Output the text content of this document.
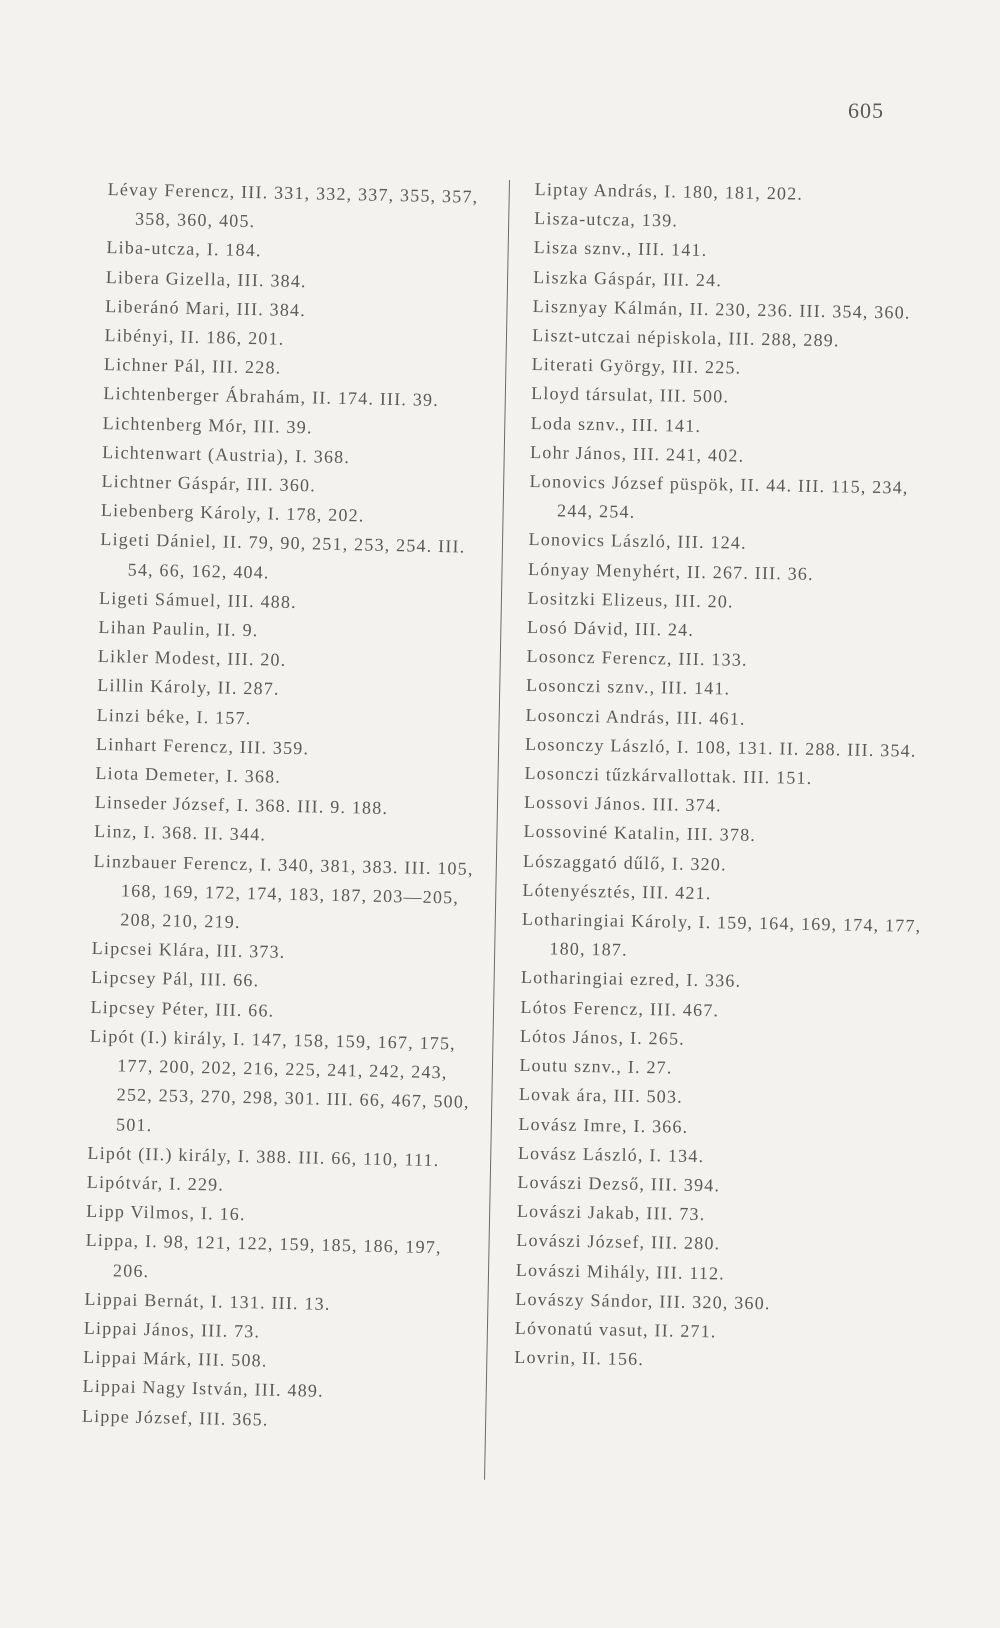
605
Lévay Ferencz, III. 331, 332, 337, 355, 357, 358, 360, 405.
Liba-utcza, I. 184.
Libera Gizella, III. 384.
Liberánó Mari, III. 384.
Libényi, II. 186, 201.
Lichner Pál, III. 228.
Lichtenberger Ábrahám, II. 174. III. 39.
Lichtenberg Mór, III. 39.
Lichtenwart (Austria), I. 368.
Lichtner Gáspár, III. 360.
Liebenberg Károly, I. 178, 202.
Ligeti Dániel, II. 79, 90, 251, 253, 254. III. 54, 66, 162, 404.
Ligeti Sámuel, III. 488.
Lihan Paulin, II. 9.
Likler Modest, III. 20.
Lillin Károly, II. 287.
Linzi béke, I. 157.
Linhart Ferencz, III. 359.
Liota Demeter, I. 368.
Linseder József, I. 368. III. 9. 188.
Linz, I. 368. II. 344.
Linzbauer Ferencz, I. 340, 381, 383. III. 105, 168, 169, 172, 174, 183, 187, 203—205, 208, 210, 219.
Lipcsei Klára, III. 373.
Lipcsey Pál, III. 66.
Lipcsey Péter, III. 66.
Lipót (I.) király, I. 147, 158, 159, 167, 175, 177, 200, 202, 216, 225, 241, 242, 243, 252, 253, 270, 298, 301. III. 66, 467, 500, 501.
Lipót (II.) király, I. 388. III. 66, 110, 111.
Lipótvár, I. 229.
Lipp Vilmos, I. 16.
Lippa, I. 98, 121, 122, 159, 185, 186, 197, 206.
Lippai Bernát, I. 131. III. 13.
Lippai János, III. 73.
Lippai Márk, III. 508.
Lippai Nagy István, III. 489.
Lippe József, III. 365.
Liptay András, I. 180, 181, 202.
Lisza-utcza, 139.
Lisza sznv., III. 141.
Liszka Gáspár, III. 24.
Lisznyay Kálmán, II. 230, 236. III. 354, 360.
Liszt-utczai népiskola, III. 288, 289.
Literati György, III. 225.
Lloyd társulat, III. 500.
Loda sznv., III. 141.
Lohr János, III. 241, 402.
Lonovics József püspök, II. 44. III. 115, 234, 244, 254.
Lonovics László, III. 124.
Lónyay Menyhért, II. 267. III. 36.
Lositzki Elizeus, III. 20.
Losó Dávid, III. 24.
Losoncz Ferencz, III. 133.
Losonczi sznv., III. 141.
Losonczi András, III. 461.
Losonczy László, I. 108, 131. II. 288. III. 354.
Losonczi tűzkárvallottak. III. 151.
Lossovi János. III. 374.
Lossoviné Katalin, III. 378.
Lószaggató dűlő, I. 320.
Lótenyésztés, III. 421.
Lotharingiai Károly, I. 159, 164, 169, 174, 177, 180, 187.
Lotharingiai ezred, I. 336.
Lótos Ferencz, III. 467.
Lótos János, I. 265.
Loutu sznv., I. 27.
Lovak ára, III. 503.
Lovász Imre, I. 366.
Lovász László, I. 134.
Lovászi Dezső, III. 394.
Lovászi Jakab, III. 73.
Lovászi József, III. 280.
Lovászi Mihály, III. 112.
Lovászy Sándor, III. 320, 360.
Lóvonatú vasut, II. 271.
Lovrin, II. 156.
